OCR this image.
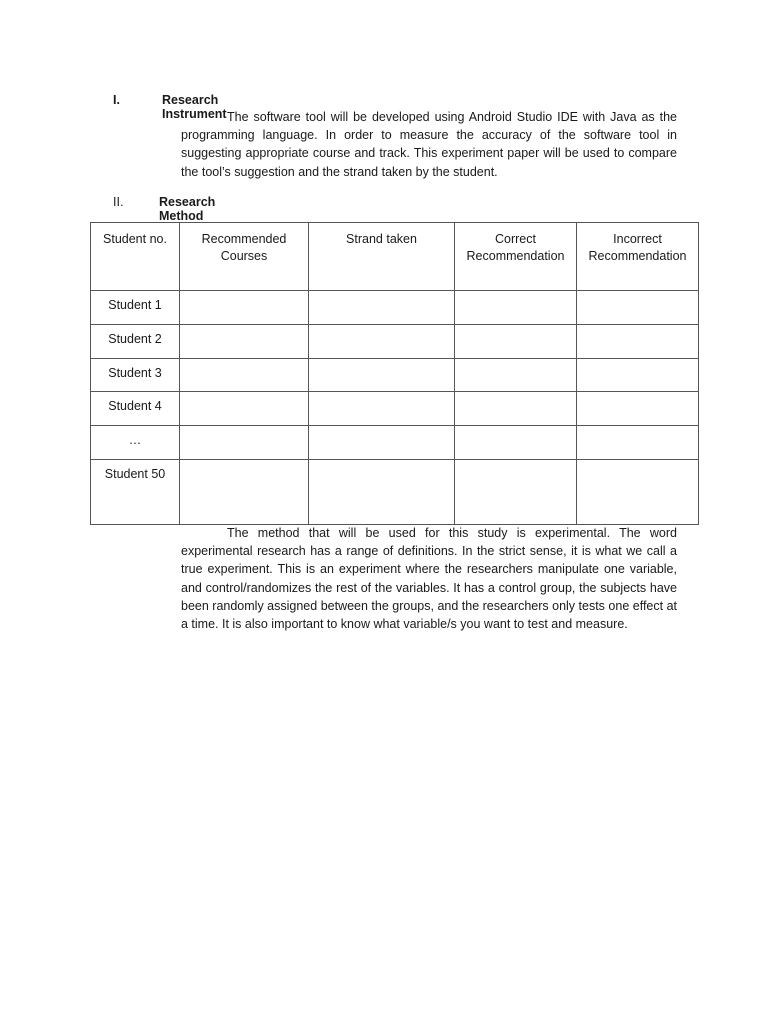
I.	Research Instrument The software tool will be developed using Android Studio IDE with Java as the programming language. In order to measure the accuracy of the software tool in suggesting appropriate course and track. This experiment paper will be used to compare the tool’s suggestion and the strand taken by the student.

II.	Research Method
Student no.	Recommended Courses	Strand taken	Correct Recommendation	Incorrect Recommendation
Student 1				
Student 2				
Student 3				
Student 4				
…				
Student 50				

The method that will be used for this study is experimental. The word experimental research has a range of definitions. In the strict sense, it is what we call a true experiment. This is an experiment where the researchers manipulate one variable, and control/randomizes the rest of the variables. It has a control group, the subjects have been randomly assigned between the groups, and the researchers only tests one effect at a time. It is also important to know what variable/s you want to test and measure.
